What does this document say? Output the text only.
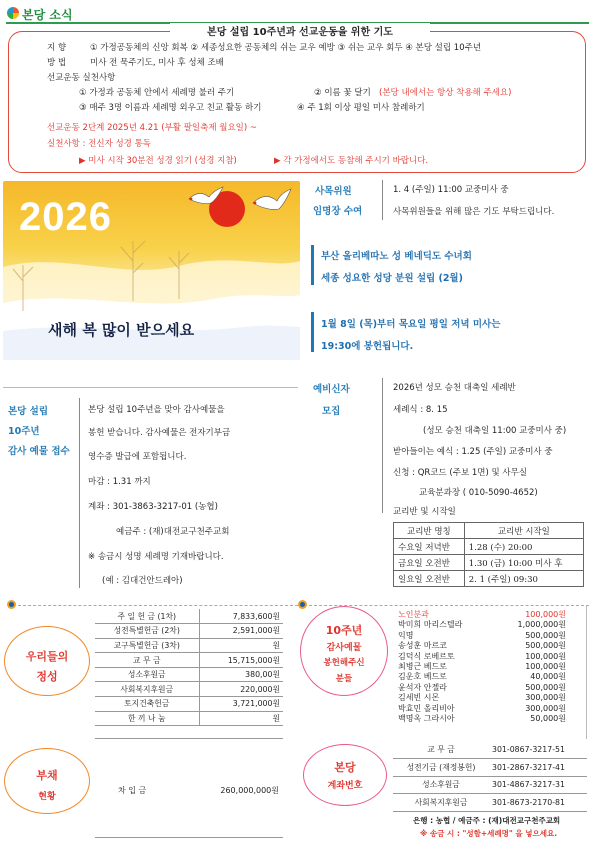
본당 소식
본당 설립 10주년과 선교운동을 위한 기도
지 향	① 가정공동체의 신앙 회복 ② 세종성요한 공동체의 쉬는 교우 예방 ③ 쉬는 교우 회두 ④ 본당 설립 10주년
방 법	미사 전 묵주기도, 미사 후 성체 조배
선교운동 실천사항
① 가정과 공동체 안에서 세례명 불러 주기	② 이름 꽃 달기 (본당 내에서는 항상 착용해 주세요)
③ 매주 3명 이름과 세례명 외우고 친교 활동 하기	④ 주 1회 이상 평일 미사 참례하기
선교운동 2단계 2025년 4.21 (부활 팔일축제 월요일) ~
실천사항 : 전신자 성경 통독
▶ 미사 시작 30분전 성경 읽기 (성경 지참)	▶ 각 가정에서도 동참해 주시기 바랍니다.
2026
새해 복 많이 받으세요
사목위원
임명장 수여
1. 4 (주일) 11:00 교중미사 중
사목위원들을 위해 많은 기도 부탁드립니다.
부산 올리베따노 성 베네딕도 수녀회
세종 성요한 성당 분원 설립 (2월)
1월 8일 (목)부터 목요일 평일 저녁 미사는
19:30에 봉헌됩니다.
본당 설립
10주년
감사 예물 접수
본당 설립 10주년을 맞아 감사예물을
봉헌 받습니다. 감사예물은 전자기부금
영수증 발급에 포함됩니다.
마감 : 1.31 까지
계좌 : 301-3863-3217-01 (농협)
예금주 : (재)대전교구천주교회
※ 송금시 성명 세례명 기재바랍니다.
(예 : 김대건안드레아)
예비신자
모집
2026년 성모 승천 대축일 세례반
세례식 : 8. 15
(성모 승천 대축일 11:00 교중미사 중)
받아들이는 예식 : 1.25 (주일) 교중미사 중
신청 : QR코드 (주보 1면) 및 사무실
교육분과장 ( 010-5090-4652)
교리반 및 시작일
교리반 명칭	교리반 시작일
수요일 저녁반	1.28 (수) 20:00
금요일 오전반	1.30 (금) 10:00 미사 후
일요일 오전반	2. 1 (주일) 09:30
우리들의
정성
주 일 헌 금 (1차)	7,833,600원
성전특별헌금 (2차)	2,591,000원
교구특별헌금 (3차)	원
교 무 금	15,715,000원
성소후원금	380,00원
사회복지후원금	220,000원
토지건축헌금	3,721,000원
한 끼 나 눔	원
10주년
감사예물
봉헌해주신
분들
노인분과	100,000원
박미희 마리스텔라	1,000,000원
익명	500,000원
송성훈 마르코	500,000원
김덕식 로베르토	100,000원
최병근 베드로	100,000원
김운호 베드로	40,000원
윤석자 안젤라	500,000원
김세빈 시몬	300,000원
박효민 올리비아	300,000원
백명옥 그라시아	50,000원
부채
현황
차 입 금	260,000,000원
본당
계좌번호
교 무 금	301-0867-3217-51
성전기금 (재정봉헌)	301-2867-3217-41
성소후원금	301-4867-3217-31
사회복지후원금	301-8673-2170-81
은행 : 농협 / 예금주 : (재)대전교구천주교회
※ 송금 시 : "성함+세례명" 을 넣으세요.
